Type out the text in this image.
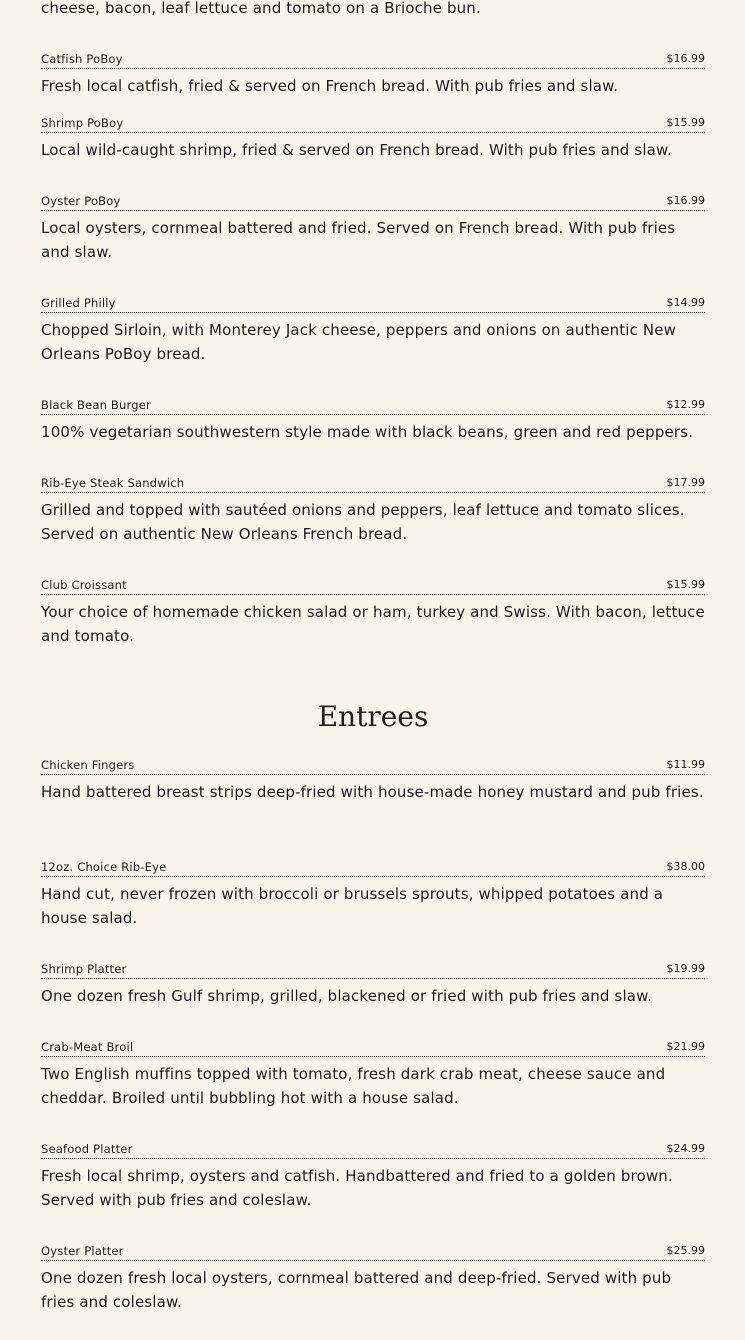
cheese, bacon, leaf lettuce and tomato on a Brioche bun.
Catfish PoBoy	$16.99
Fresh local catfish, fried & served on French bread. With pub fries and slaw.
Shrimp PoBoy	$15.99
Local wild-caught shrimp, fried & served on French bread. With pub fries and slaw.
Oyster PoBoy	$16.99
Local oysters, cornmeal battered and fried. Served on French bread. With pub fries and slaw.
Grilled Philly	$14.99
Chopped Sirloin, with Monterey Jack cheese, peppers and onions on authentic New Orleans PoBoy bread.
Black Bean Burger	$12.99
100% vegetarian southwestern style made with black beans, green and red peppers.
Rib-Eye Steak Sandwich	$17.99
Grilled and topped with sautéed onions and peppers, leaf lettuce and tomato slices. Served on authentic New Orleans French bread.
Club Croissant	$15.99
Your choice of homemade chicken salad or ham, turkey and Swiss. With bacon, lettuce and tomato.
Entrees
Chicken Fingers	$11.99
Hand battered breast strips deep-fried with house-made honey mustard and pub fries.
12oz. Choice Rib-Eye	$38.00
Hand cut, never frozen with broccoli or brussels sprouts, whipped potatoes and a house salad.
Shrimp Platter	$19.99
One dozen fresh Gulf shrimp, grilled, blackened or fried with pub fries and slaw.
Crab-Meat Broil	$21.99
Two English muffins topped with tomato, fresh dark crab meat, cheese sauce and cheddar. Broiled until bubbling hot with a house salad.
Seafood Platter	$24.99
Fresh local shrimp, oysters and catfish. Handbattered and fried to a golden brown. Served with pub fries and coleslaw.
Oyster Platter	$25.99
One dozen fresh local oysters, cornmeal battered and deep-fried. Served with pub fries and coleslaw.
